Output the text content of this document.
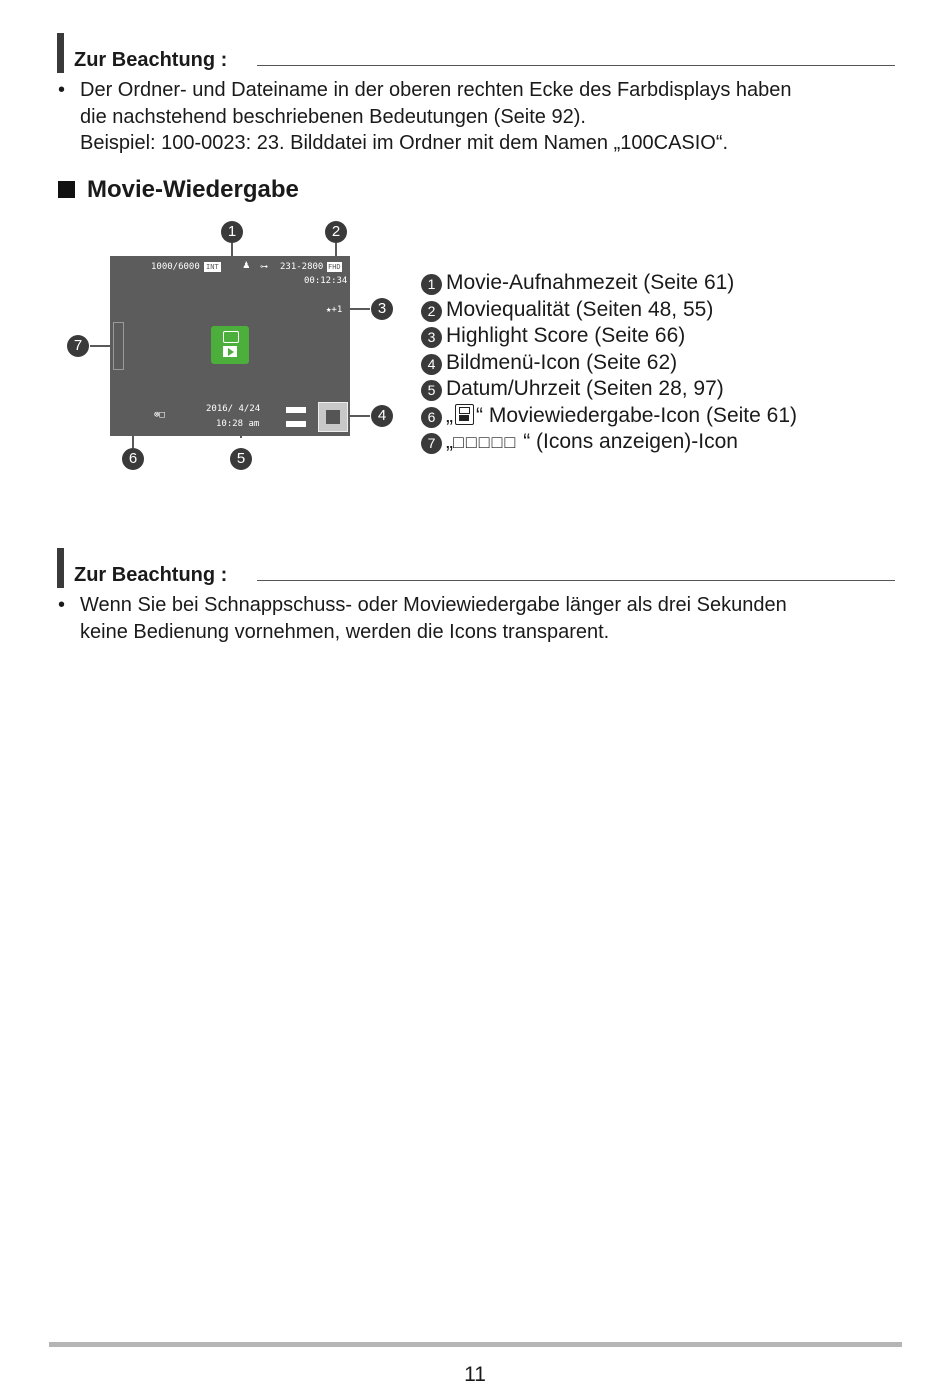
Zur Beachtung :
• Der Ordner- und Dateiname in der oberen rechten Ecke des Farbdisplays haben
die nachstehend beschriebenen Bedeutungen (Seite 92).
Beispiel: 100-0023: 23. Bilddatei im Ordner mit dem Namen „100CASIO“.
Movie-Wiedergabe
1000/6000 INT ♟ ⊶ 231-2800 FHD
00:12:34
★+1
⊗□
2016/ 4/24
10:28 am
1	2
3
4
5
6
7
1 Movie-Aufnahmezeit (Seite 61)
2 Moviequalität (Seiten 48, 55)
3 Highlight Score (Seite 66)
4 Bildmenü-Icon (Seite 62)
5 Datum/Uhrzeit (Seiten 28, 97)
6 „ “ Moviewiedergabe-Icon (Seite 61)
7 „□□□□□ “ (Icons anzeigen)-Icon
Zur Beachtung :
• Wenn Sie bei Schnappschuss- oder Moviewiedergabe länger als drei Sekunden
keine Bedienung vornehmen, werden die Icons transparent.
11
